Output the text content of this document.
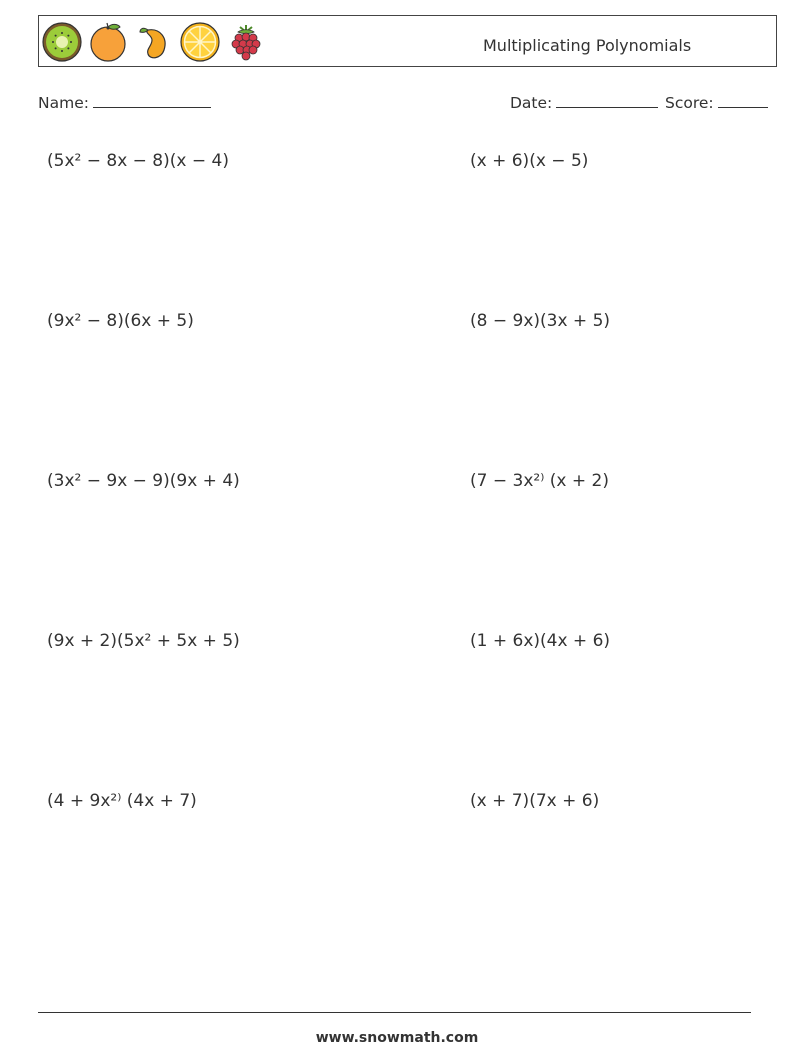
Multiplicating Polynomials
Name:	Date:	Score:
(5x² − 8x − 8)(x − 4)	(x + 6)(x − 5)
(9x² − 8)(6x + 5)	(8 − 9x)(3x + 5)
(3x² − 9x − 9)(9x + 4)	(7 − 3x²⁾ (x + 2)
(9x + 2)(5x² + 5x + 5)	(1 + 6x)(4x + 6)
(4 + 9x²⁾ (4x + 7)	(x + 7)(7x + 6)
www.snowmath.com
